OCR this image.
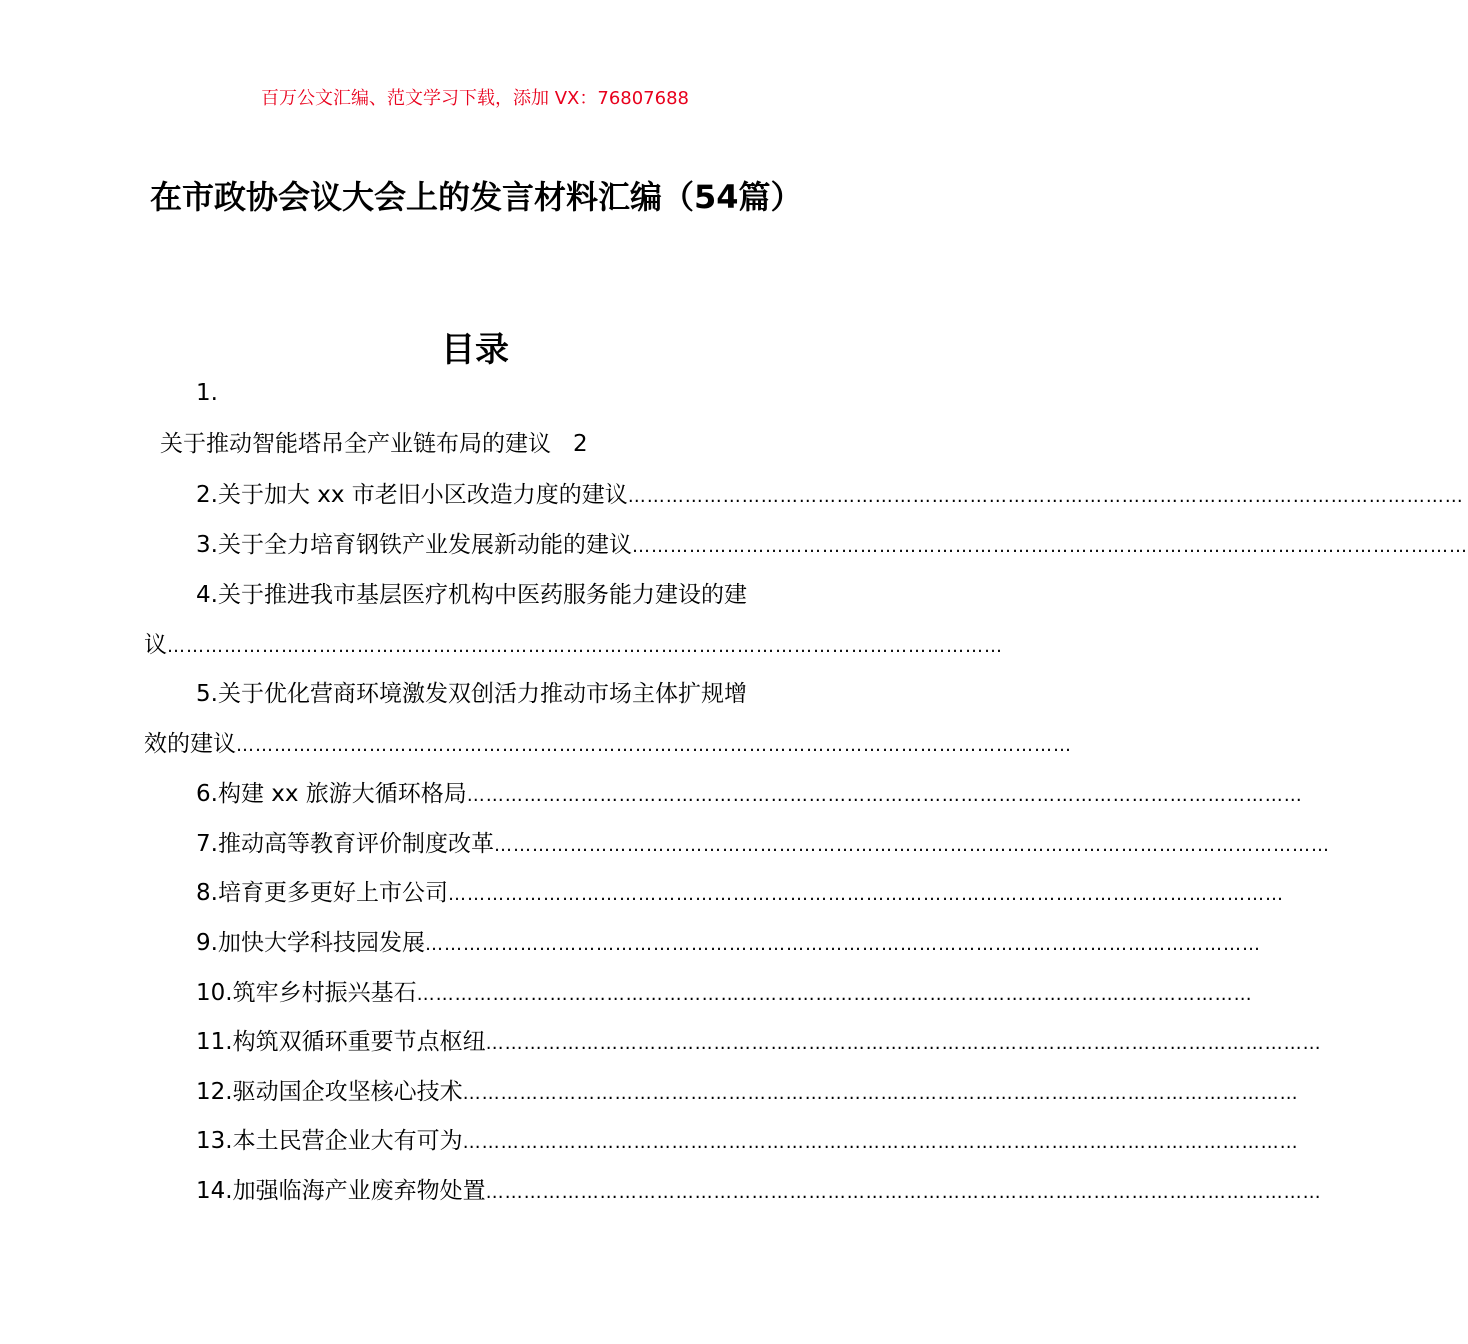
百万公文汇编、范文学习下载，添加 VX：76807688
在市政协会议大会上的发言材料汇编（54篇）
目录
1.
关于推动智能塔吊全产业链布局的建议 2
2.关于加大 xx 市老旧小区改造力度的建议……………………………………………………………………………………………………………………
3.关于全力培育钢铁产业发展新动能的建议……………………………………………………………………………………………………………………
4.关于推进我市基层医疗机构中医药服务能力建设的建
议……………………………………………………………………………………………………………………
5.关于优化营商环境激发双创活力推动市场主体扩规增
效的建议……………………………………………………………………………………………………………………
6.构建 xx 旅游大循环格局……………………………………………………………………………………………………………………
7.推动高等教育评价制度改革……………………………………………………………………………………………………………………
8.培育更多更好上市公司……………………………………………………………………………………………………………………
9.加快大学科技园发展……………………………………………………………………………………………………………………
10.筑牢乡村振兴基石……………………………………………………………………………………………………………………
11.构筑双循环重要节点枢纽……………………………………………………………………………………………………………………
12.驱动国企攻坚核心技术……………………………………………………………………………………………………………………
13.本土民营企业大有可为……………………………………………………………………………………………………………………
14.加强临海产业废弃物处置……………………………………………………………………………………………………………………
